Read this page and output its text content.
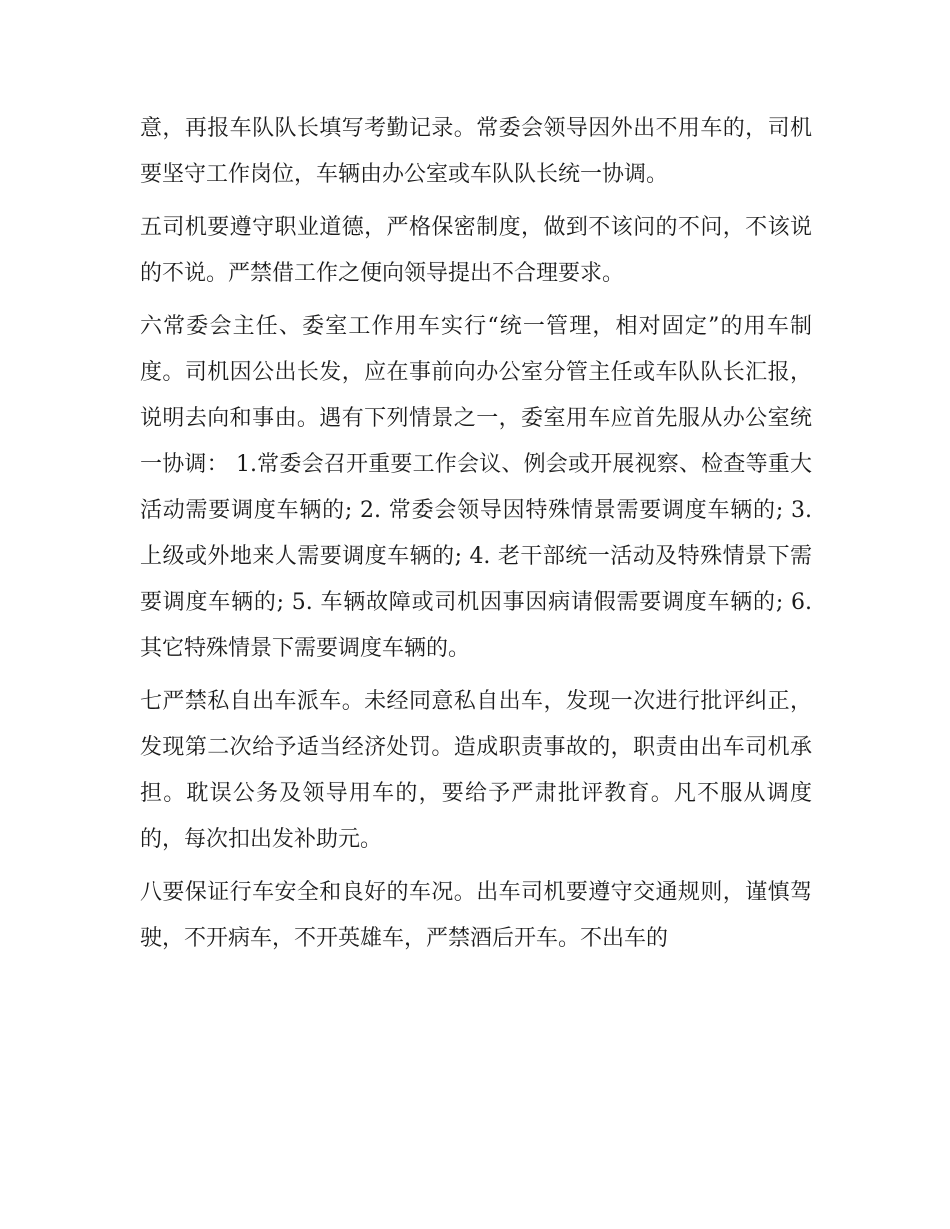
意，再报车队队长填写考勤记录。常委会领导因外出不用车的，司机要坚守工作岗位，车辆由办公室或车队队长统一协调。

五司机要遵守职业道德，严格保密制度，做到不该问的不问，不该说的不说。严禁借工作之便向领导提出不合理要求。

六常委会主任、委室工作用车实行“统一管理，相对固定”的用车制度。司机因公出长发，应在事前向办公室分管主任或车队队长汇报，说明去向和事由。遇有下列情景之一，委室用车应首先服从办公室统一协调： 1.常委会召开重要工作会议、例会或开展视察、检查等重大活动需要调度车辆的; 2. 常委会领导因特殊情景需要调度车辆的; 3. 上级或外地来人需要调度车辆的; 4. 老干部统一活动及特殊情景下需要调度车辆的; 5. 车辆故障或司机因事因病请假需要调度车辆的; 6. 其它特殊情景下需要调度车辆的。

七严禁私自出车派车。未经同意私自出车，发现一次进行批评纠正，发现第二次给予适当经济处罚。造成职责事故的，职责由出车司机承担。耽误公务及领导用车的，要给予严肃批评教育。凡不服从调度的，每次扣出发补助元。

八要保证行车安全和良好的车况。出车司机要遵守交通规则，谨慎驾驶，不开病车，不开英雄车，严禁酒后开车。不出车的
